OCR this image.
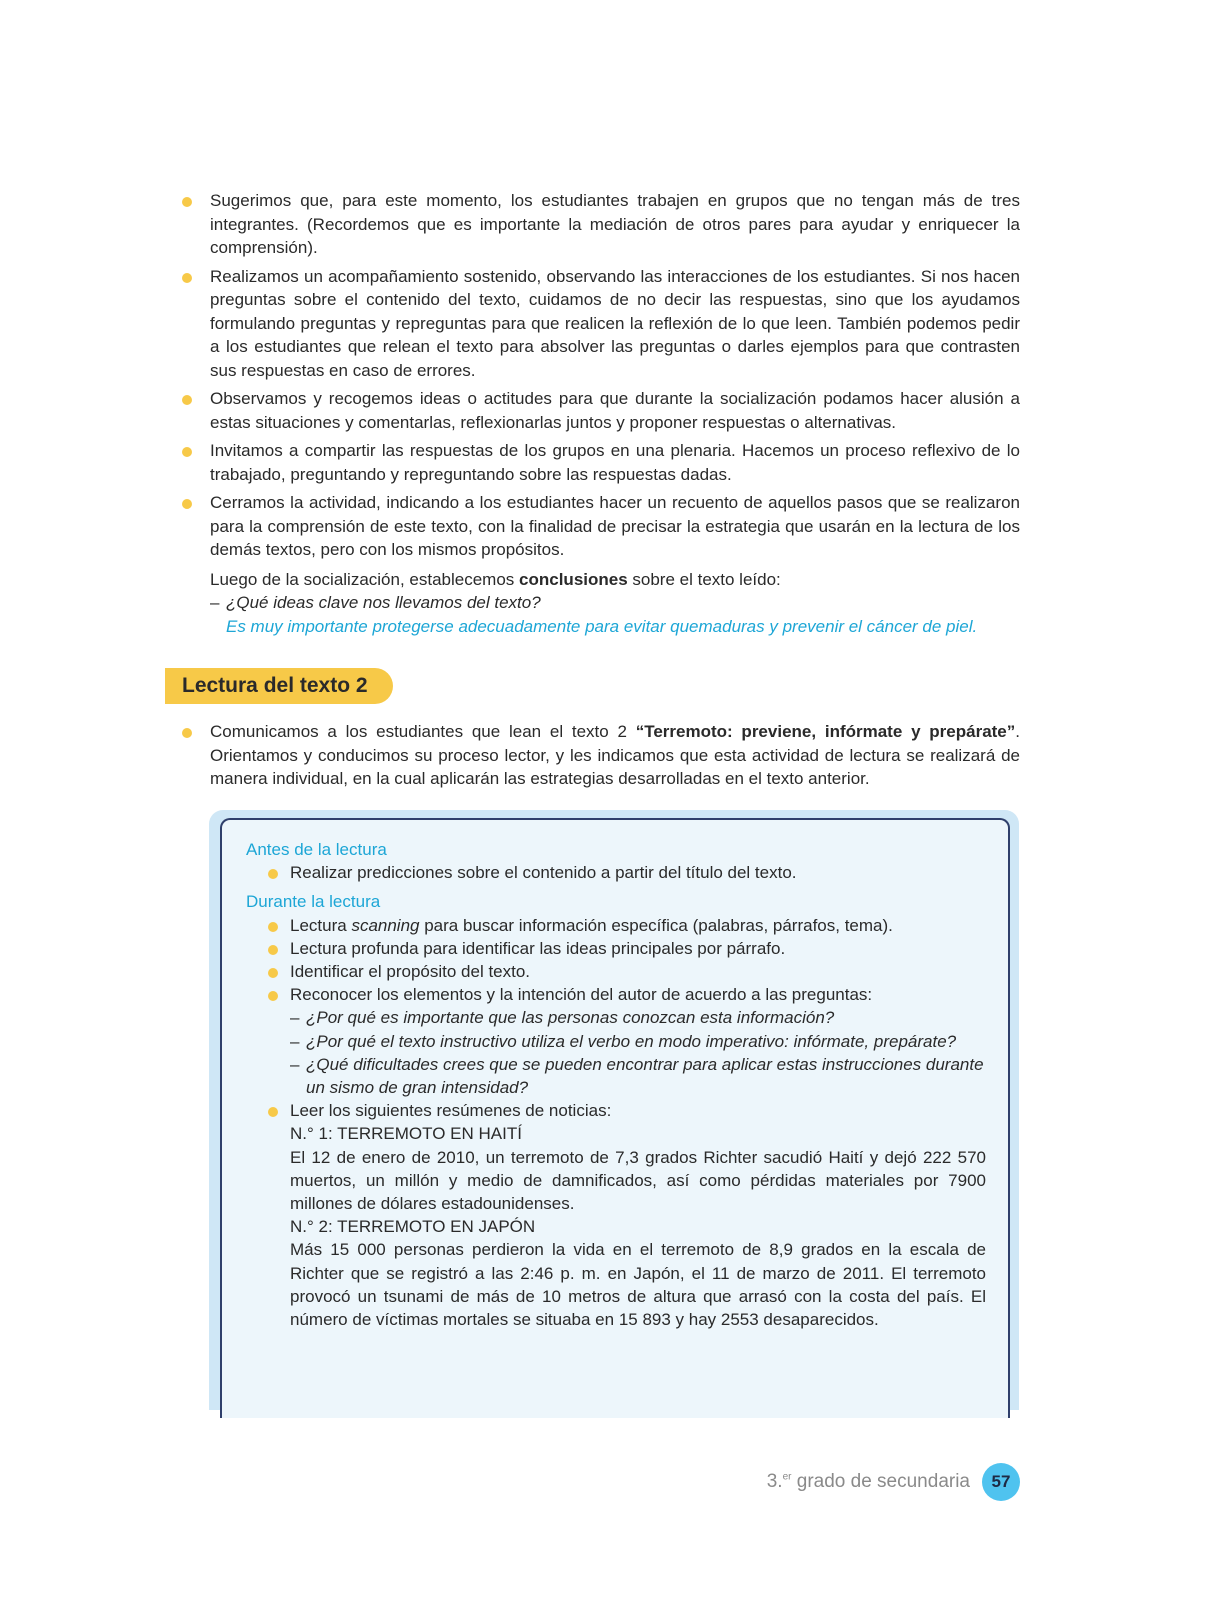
Sugerimos que, para este momento, los estudiantes trabajen en grupos que no tengan más de tres integrantes. (Recordemos que es importante la mediación de otros pares para ayudar y enriquecer la comprensión).
Realizamos un acompañamiento sostenido, observando las interacciones de los estudiantes. Si nos hacen preguntas sobre el contenido del texto, cuidamos de no decir las respuestas, sino que los ayudamos formulando preguntas y repreguntas para que realicen la reflexión de lo que leen. También podemos pedir a los estudiantes que relean el texto para absolver las preguntas o darles ejemplos para que contrasten sus respuestas en caso de errores.
Observamos y recogemos ideas o actitudes para que durante la socialización podamos hacer alusión a estas situaciones y comentarlas, reflexionarlas juntos y proponer respuestas o alternativas.
Invitamos a compartir las respuestas de los grupos en una plenaria. Hacemos un proceso reflexivo de lo trabajado, preguntando y repreguntando sobre las respuestas dadas.
Cerramos la actividad, indicando a los estudiantes hacer un recuento de aquellos pasos que se realizaron para la comprensión de este texto, con la finalidad de precisar la estrategia que usarán en la lectura de los demás textos, pero con los mismos propósitos.
Luego de la socialización, establecemos conclusiones sobre el texto leído:
– ¿Qué ideas clave nos llevamos del texto?
Es muy importante protegerse adecuadamente para evitar quemaduras y prevenir el cáncer de piel.
Lectura del texto 2
Comunicamos a los estudiantes que lean el texto 2 “Terremoto: previene, infórmate y prepárate”. Orientamos y conducimos su proceso lector, y les indicamos que esta actividad de lectura se realizará de manera individual, en la cual aplicarán las estrategias desarrolladas en el texto anterior.
Antes de la lectura
Realizar predicciones sobre el contenido a partir del título del texto.
Durante la lectura
Lectura scanning para buscar información específica (palabras, párrafos, tema).
Lectura profunda para identificar las ideas principales por párrafo.
Identificar el propósito del texto.
Reconocer los elementos y la intención del autor de acuerdo a las preguntas:
– ¿Por qué es importante que las personas conozcan esta información?
– ¿Por qué el texto instructivo utiliza el verbo en modo imperativo: infórmate, prepárate?
– ¿Qué dificultades crees que se pueden encontrar para aplicar estas instrucciones durante un sismo de gran intensidad?
Leer los siguientes resúmenes de noticias:
N.° 1: TERREMOTO EN HAITÍ
El 12 de enero de 2010, un terremoto de 7,3 grados Richter sacudió Haití y dejó 222 570 muertos, un millón y medio de damnificados, así como pérdidas materiales por 7900 millones de dólares estadounidenses.
N.° 2: TERREMOTO EN JAPÓN
Más 15 000 personas perdieron la vida en el terremoto de 8,9 grados en la escala de Richter que se registró a las 2:46 p. m. en Japón, el 11 de marzo de 2011. El terremoto provocó un tsunami de más de 10 metros de altura que arrasó con la costa del país. El número de víctimas mortales se situaba en 15 893 y hay 2553 desaparecidos.
3.$^{er}$ grado de secundaria	57
